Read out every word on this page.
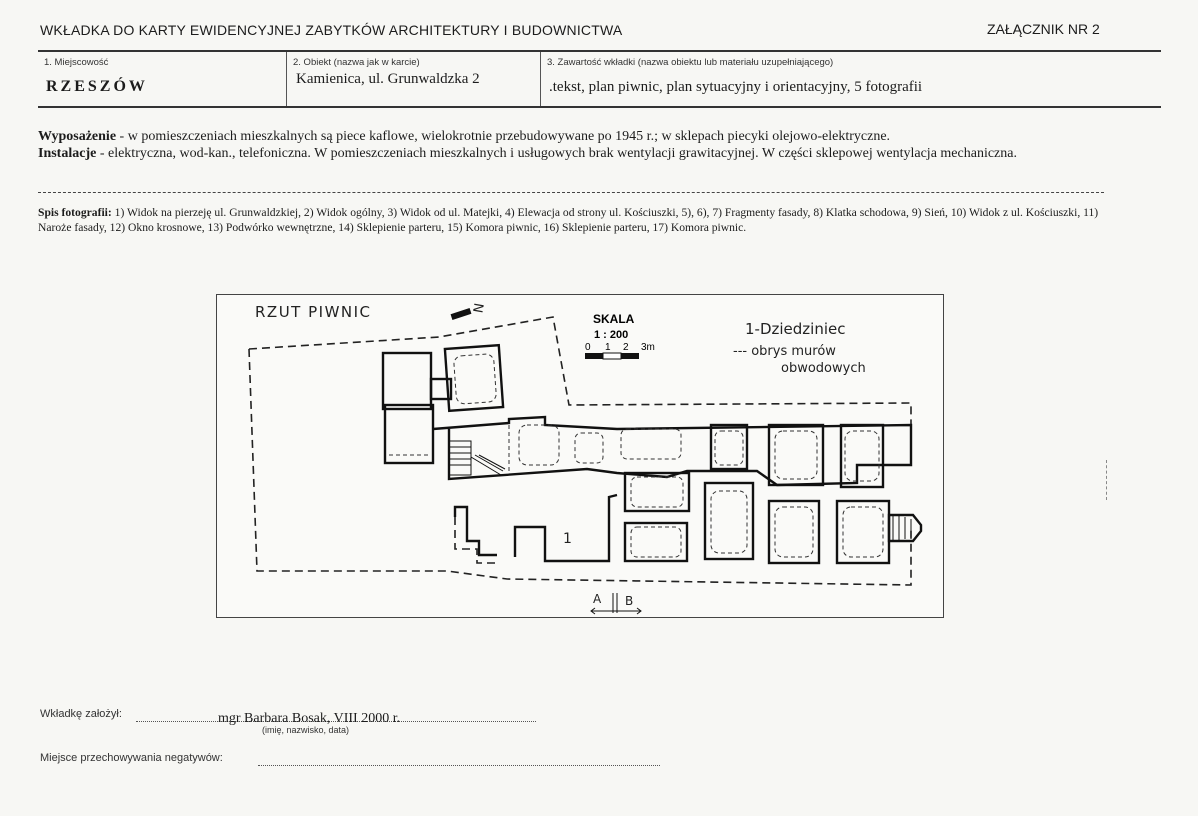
WKŁADKA DO KARTY EWIDENCYJNEJ ZABYTKÓW ARCHITEKTURY I BUDOWNICTWA	ZAŁĄCZNIK NR 2
1. Miejscowość
RZESZÓW
2. Obiekt (nazwa jak w karcie)
Kamienica, ul. Grunwaldzka 2
3. Zawartość wkładki (nazwa obiektu lub materiału uzupełniającego)
.tekst, plan piwnic, plan sytuacyjny i orientacyjny, 5 fotografii
Wyposażenie - w pomieszczeniach mieszkalnych są piece kaflowe, wielokrotnie przebudowywane po 1945 r.; w sklepach piecyki olejowo-elektryczne.
Instalacje - elektryczna, wod-kan., telefoniczna. W pomieszczeniach mieszkalnych i usługowych brak wentylacji grawitacyjnej. W części sklepowej wentylacja mechaniczna.
Spis fotografii: 1) Widok na pierzeję ul. Grunwaldzkiej, 2) Widok ogólny, 3) Widok od ul. Matejki, 4) Elewacja od strony ul. Kościuszki, 5), 6), 7) Fragmenty fasady, 8) Klatka schodowa, 9) Sień, 10) Widok z ul. Kościuszki, 11) Naroże fasady, 12) Okno krosnowe, 13) Podwórko wewnętrzne, 14) Sklepienie parteru, 15) Komora piwnic, 16) Sklepienie parteru, 17) Komora piwnic.
RZUT PIWNIC	N
SKALA
1 : 200
0 1 2 3m
1-Dziedziniec
--- obrys murów
obwodowych
1
A B
Wkładkę założył:	mgr Barbara Bosak, VIII 2000 r.
(imię, nazwisko, data)
Miejsce przechowywania negatywów:
